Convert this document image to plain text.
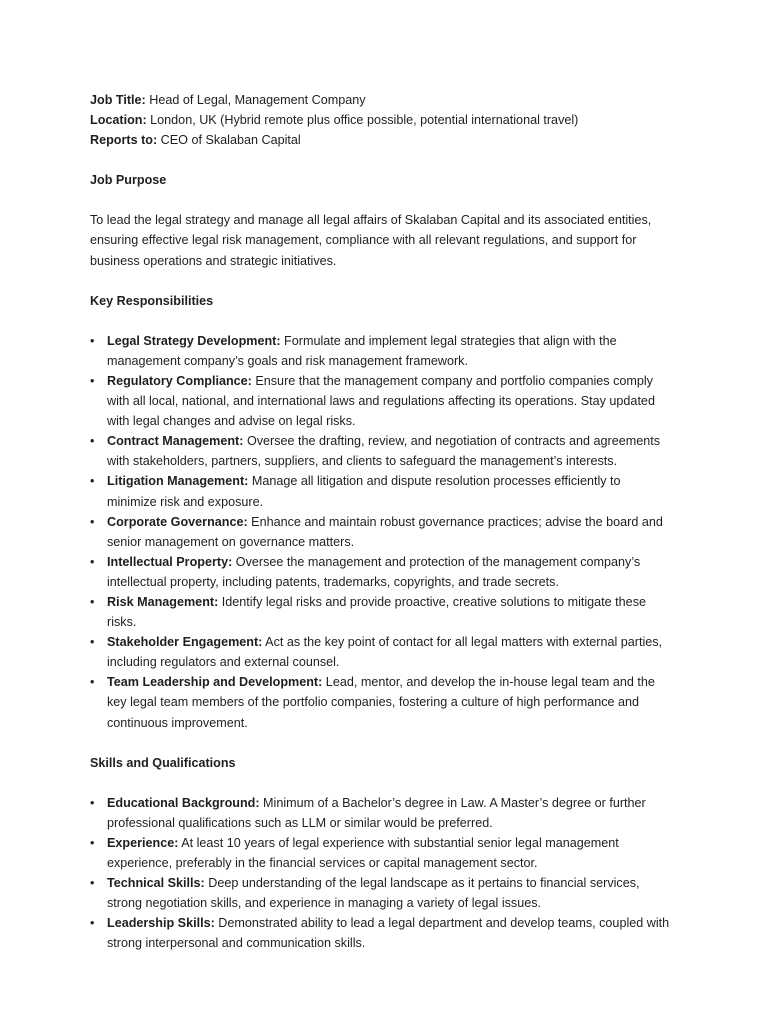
Job Title: Head of Legal, Management Company

Location: London, UK (Hybrid remote plus office possible, potential international travel)

Reports to: CEO of Skalaban Capital

Job Purpose

To lead the legal strategy and manage all legal affairs of Skalaban Capital and its associated entities, ensuring effective legal risk management, compliance with all relevant regulations, and support for business operations and strategic initiatives.

Key Responsibilities
• Legal Strategy Development: Formulate and implement legal strategies that align with the management company’s goals and risk management framework.
• Regulatory Compliance: Ensure that the management company and portfolio companies comply with all local, national, and international laws and regulations affecting its operations. Stay updated with legal changes and advise on legal risks.
• Contract Management: Oversee the drafting, review, and negotiation of contracts and agreements with stakeholders, partners, suppliers, and clients to safeguard the management’s interests.
• Litigation Management: Manage all litigation and dispute resolution processes efficiently to minimize risk and exposure.
• Corporate Governance: Enhance and maintain robust governance practices; advise the board and senior management on governance matters.
• Intellectual Property: Oversee the management and protection of the management company’s intellectual property, including patents, trademarks, copyrights, and trade secrets.
• Risk Management: Identify legal risks and provide proactive, creative solutions to mitigate these risks.
• Stakeholder Engagement: Act as the key point of contact for all legal matters with external parties, including regulators and external counsel.
• Team Leadership and Development: Lead, mentor, and develop the in-house legal team and the key legal team members of the portfolio companies, fostering a culture of high performance and continuous improvement.
Skills and Qualifications
• Educational Background: Minimum of a Bachelor’s degree in Law. A Master’s degree or further professional qualifications such as LLM or similar would be preferred.
• Experience: At least 10 years of legal experience with substantial senior legal management experience, preferably in the financial services or capital management sector.
• Technical Skills: Deep understanding of the legal landscape as it pertains to financial services, strong negotiation skills, and experience in managing a variety of legal issues.
• Leadership Skills: Demonstrated ability to lead a legal department and develop teams, coupled with strong interpersonal and communication skills.
